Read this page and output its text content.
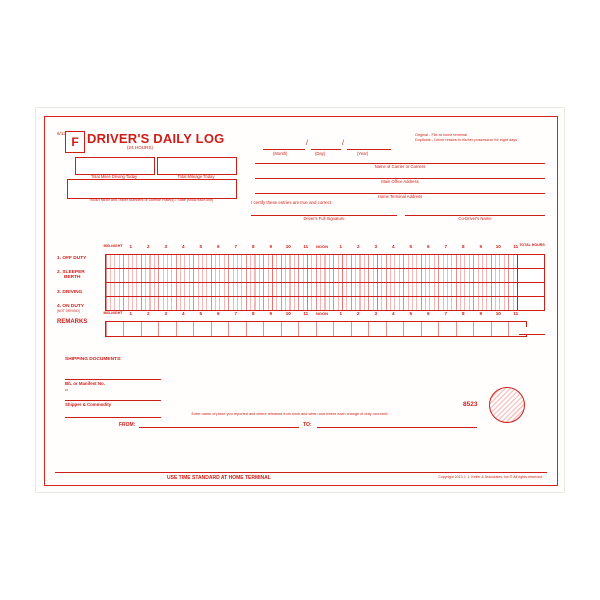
6/13
F DRIVER'S DAILY LOG
(24 HOURS)
/	/
(Month)	(Day)	(Year)
Original - File at home terminal
Duplicate - Driver retains in his/her possession for eight days
Total Miles Driving Today	Total Mileage Today
Name of Carrier or Carriers
Main Office Address
Home Terminal Address
Truck/Tractor and Trailer Numbers or License Plate(s) / State (show each unit)	I certify these entries are true and correct:
Driver's Full Signature	Co-Driver's Name
MID-NIGHT	1	2	3	4	5	6	7	8	9	10	11	NOON	1	2	3	4	5	6	7	8	9	10	11 TOTAL HOURS
1. OFF DUTY
2. SLEEPER
BERTH
3. DRIVING
4. ON DUTY
(NOT DRIVING)	MID-NIGHT	1	2	3	4	5	6	7	8	9	10	11	NOON	1	2	3	4	5	6	7	8	9	10	11
REMARKS
SHIPPING DOCUMENTS:
B/L or Manifest No.
or
Shipper & Commodity
Enter name of place you reported and where released from work and when and where each change of duty occurred.
FROM:	TO:
8523
USE TIME STANDARD AT HOME TERMINAL	Copyright 2013 J. J. Keller & Associates, Inc.® All rights reserved.
